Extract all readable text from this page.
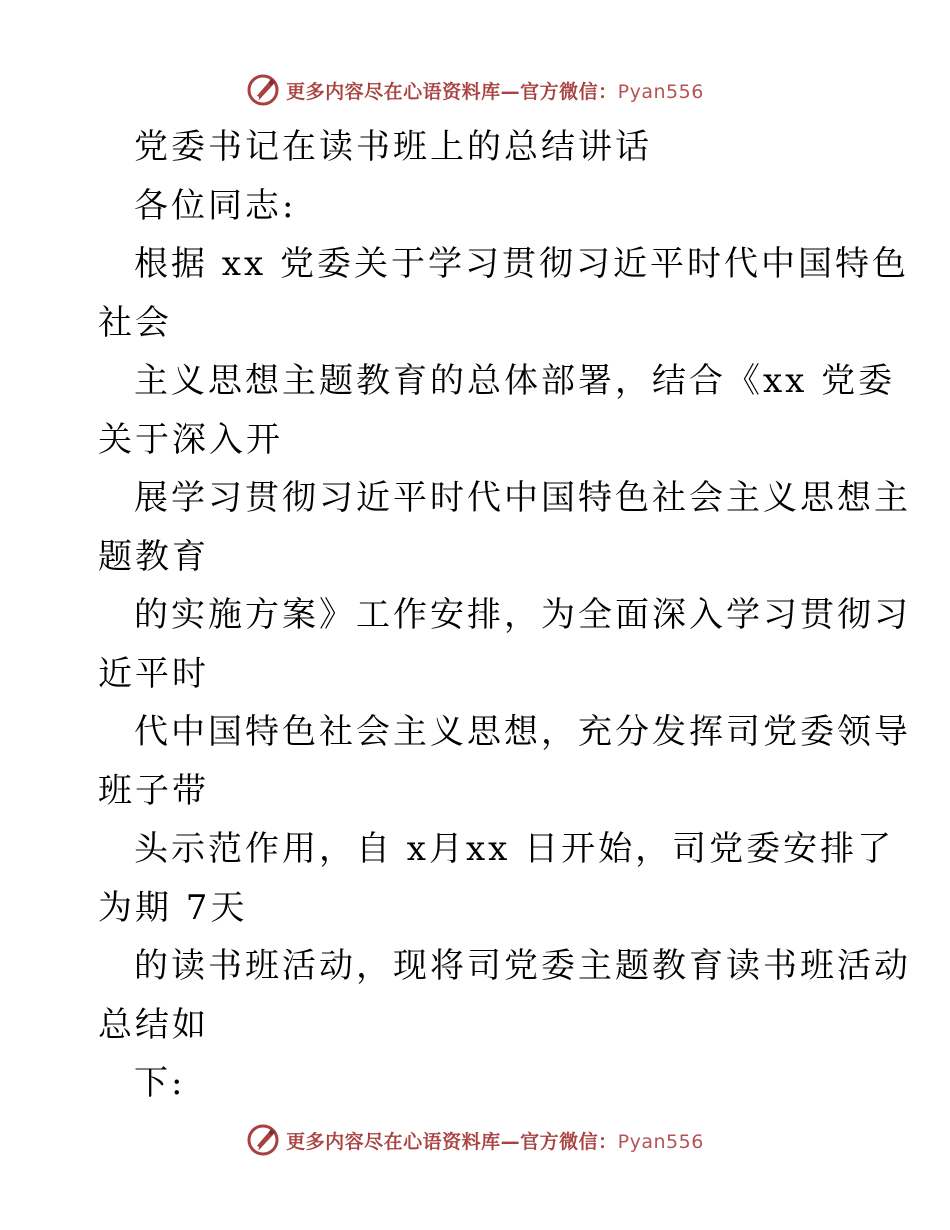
更多内容尽在心语资料库—官方微信：Pyan556
党委书记在读书班上的总结讲话
各位同志:
根据 xx 党委关于学习贯彻习近平时代中国特色
社会
主义思想主题教育的总体部署，结合《xx 党委
关于深入开
展学习贯彻习近平时代中国特色社会主义思想主
题教育
的实施方案》工作安排，为全面深入学习贯彻习
近平时
代中国特色社会主义思想，充分发挥司党委领导
班子带
头示范作用，自 x月xx 日开始，司党委安排了
为期 7天
的读书班活动，现将司党委主题教育读书班活动
总结如
下:
更多内容尽在心语资料库—官方微信：Pyan556
